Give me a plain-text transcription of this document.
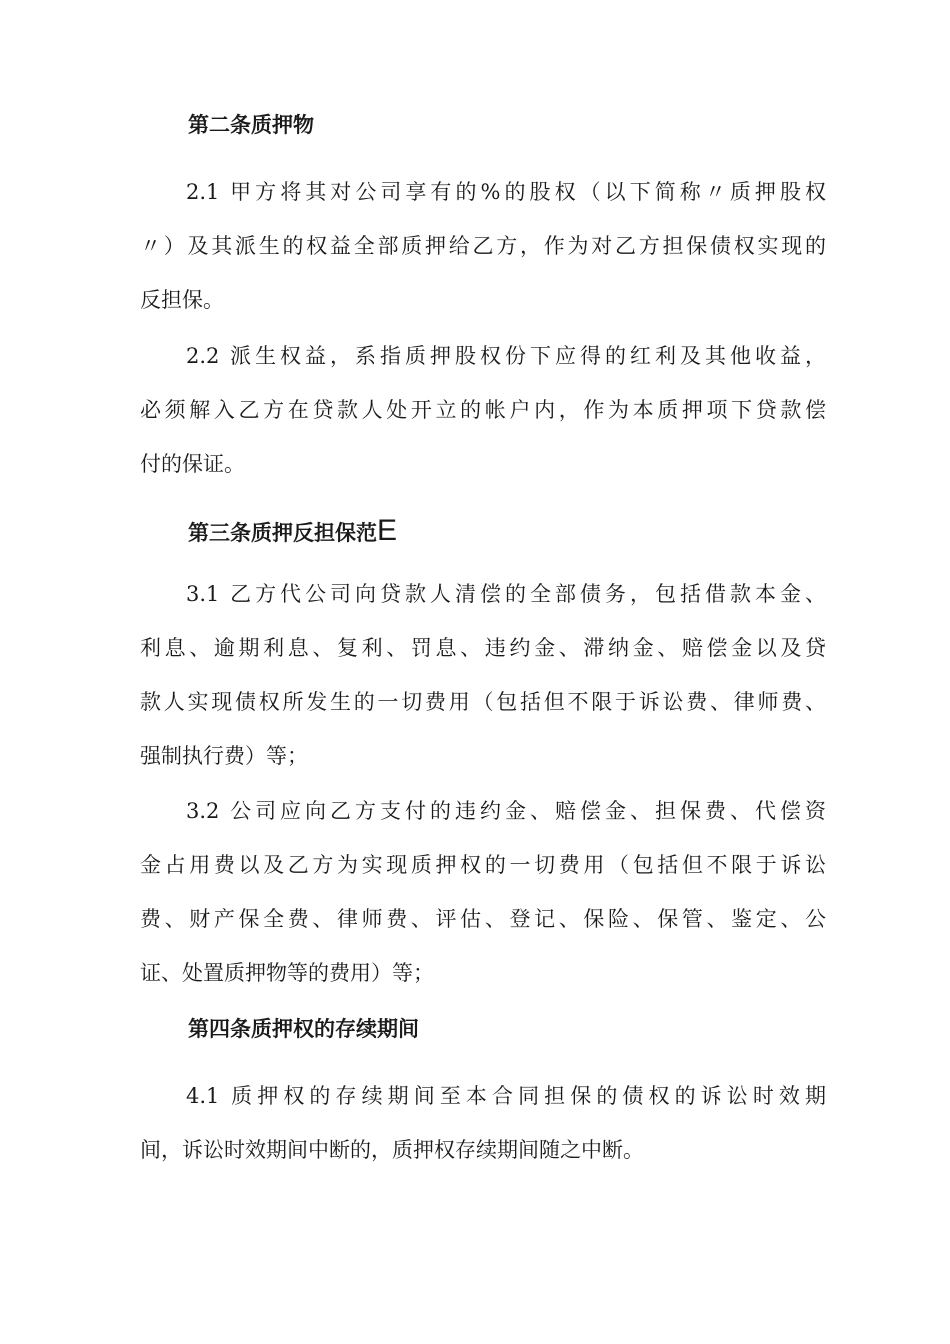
第二条质押物
2.1 甲方将其对公司享有的%的股权（以下简称〃质押股权
〃）及其派生的权益全部质押给乙方，作为对乙方担保债权实现的
反担保。
2.2 派生权益，系指质押股权份下应得的红利及其他收益，
必须解入乙方在贷款人处开立的帐户内，作为本质押项下贷款偿
付的保证。
第三条质押反担保范E
3.1 乙方代公司向贷款人清偿的全部债务，包括借款本金、
利息、逾期利息、复利、罚息、违约金、滞纳金、赔偿金以及贷
款人实现债权所发生的一切费用（包括但不限于诉讼费、律师费、
强制执行费）等；
3.2 公司应向乙方支付的违约金、赔偿金、担保费、代偿资
金占用费以及乙方为实现质押权的一切费用（包括但不限于诉讼
费、财产保全费、律师费、评估、登记、保险、保管、鉴定、公
证、处置质押物等的费用）等；
第四条质押权的存续期间
4.1 质押权的存续期间至本合同担保的债权的诉讼时效期
间，诉讼时效期间中断的，质押权存续期间随之中断。
